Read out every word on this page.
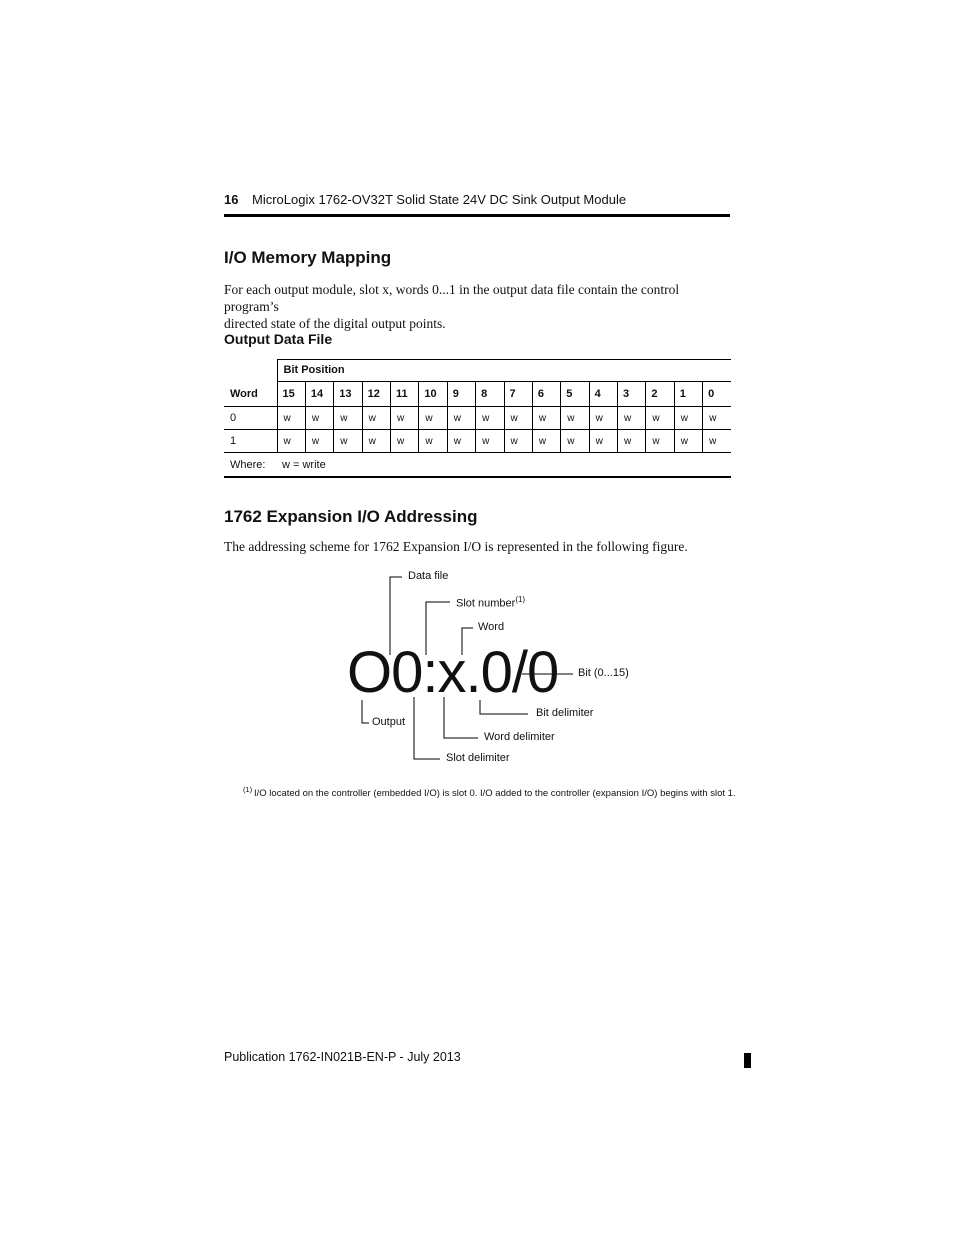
16 MicroLogix 1762-OV32T Solid State 24V DC Sink Output Module
I/O Memory Mapping
For each output module, slot x, words 0...1 in the output data file contain the control program’s
directed state of the digital output points.
Output Data File
	Bit Position															
Word	15	14	13	12	11	10	9	8	7	6	5	4	3	2	1	0
0	w	w	w	w	w	w	w	w	w	w	w	w	w	w	w	w
1	w	w	w	w	w	w	w	w	w	w	w	w	w	w	w	w
Where:	w = write															
1762 Expansion I/O Addressing
The addressing scheme for 1762 Expansion I/O is represented in the following figure.
O0:x.0/0
Data file
Slot number$^{(1)}$
Word
Bit (0...15)
Bit delimiter
Output
Word delimiter
Slot delimiter
(1) I/O located on the controller (embedded I/O) is slot 0. I/O added to the controller (expansion I/O) begins with slot 1.
Publication 1762-IN021B-EN-P - July 2013
